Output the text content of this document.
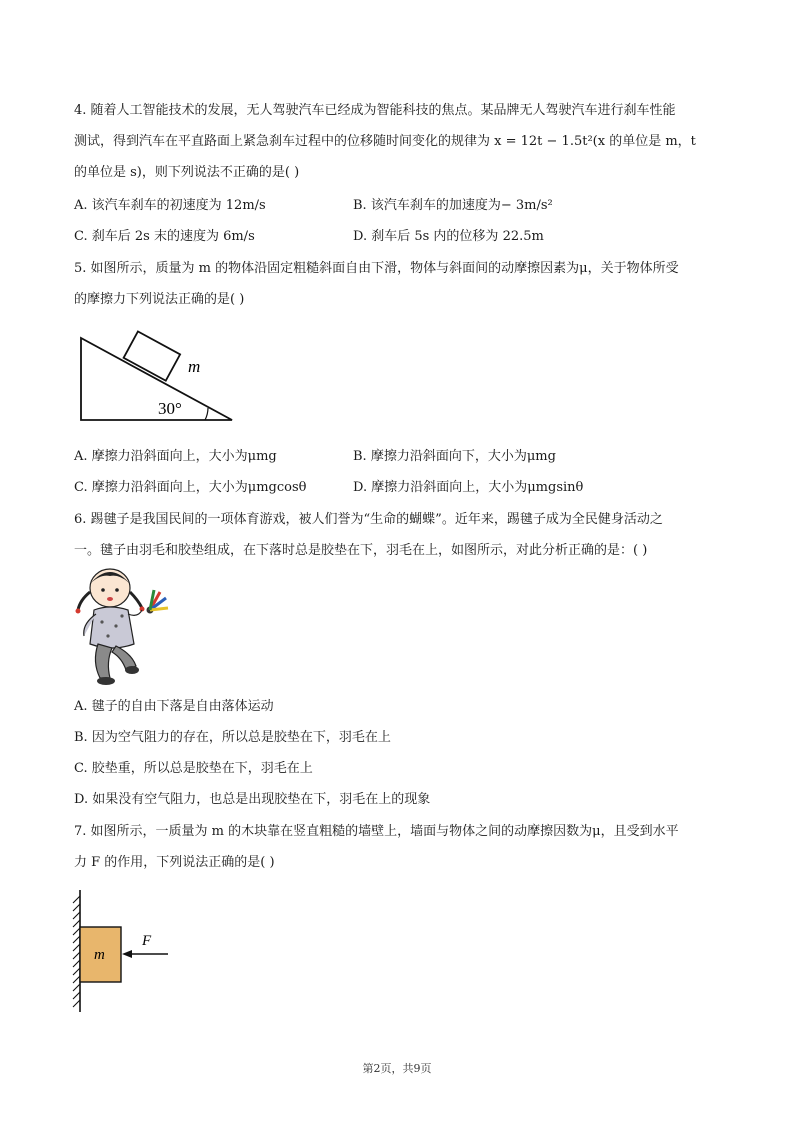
4. 随着人工智能技术的发展，无人驾驶汽车已经成为智能科技的焦点。某品牌无人驾驶汽车进行刹车性能
测试，得到汽车在平直路面上紧急刹车过程中的位移随时间变化的规律为 x = 12t − 1.5t²(x 的单位是 m，t
的单位是 s)，则下列说法不正确的是( )
A. 该汽车刹车的初速度为 12m/s	B. 该汽车刹车的加速度为− 3m/s²
C. 刹车后 2s 末的速度为 6m/s	D. 刹车后 5s 内的位移为 22.5m
5. 如图所示，质量为 m 的物体沿固定粗糙斜面自由下滑，物体与斜面间的动摩擦因素为μ，关于物体所受
的摩擦力下列说法正确的是( )
m
30°
A. 摩擦力沿斜面向上，大小为μmg	B. 摩擦力沿斜面向下，大小为μmg
C. 摩擦力沿斜面向上，大小为μmgcosθ	D. 摩擦力沿斜面向上，大小为μmgsinθ
6. 踢毽子是我国民间的一项体育游戏，被人们誉为“生命的蝴蝶”。近年来，踢毽子成为全民健身活动之
一。毽子由羽毛和胶垫组成，在下落时总是胶垫在下，羽毛在上，如图所示，对此分析正确的是：( )
A. 毽子的自由下落是自由落体运动
B. 因为空气阻力的存在，所以总是胶垫在下，羽毛在上
C. 胶垫重，所以总是胶垫在下，羽毛在上
D. 如果没有空气阻力，也总是出现胶垫在下，羽毛在上的现象
7. 如图所示，一质量为 m 的木块靠在竖直粗糙的墙壁上，墙面与物体之间的动摩擦因数为μ，且受到水平
力 F 的作用，下列说法正确的是( )
m
F
第2页，共9页
